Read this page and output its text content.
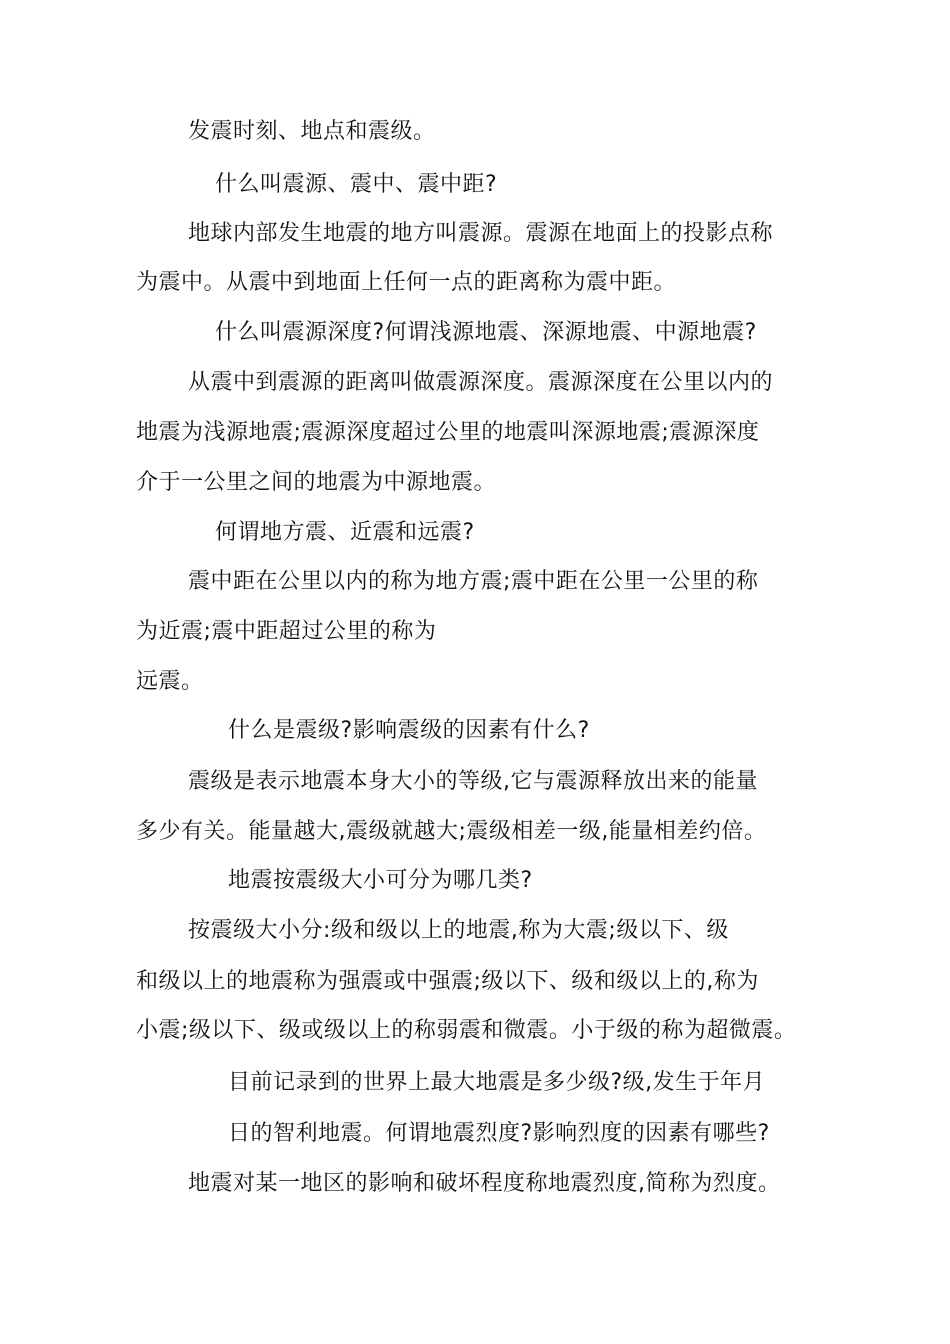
发震时刻、地点和震级。
什么叫震源、震中、震中距?
地球内部发生地震的地方叫震源。震源在地面上的投影点称
为震中。从震中到地面上任何一点的距离称为震中距。
什么叫震源深度?何谓浅源地震、深源地震、中源地震?
从震中到震源的距离叫做震源深度。震源深度在公里以内的
地震为浅源地震;震源深度超过公里的地震叫深源地震;震源深度
介于一公里之间的地震为中源地震。
何谓地方震、近震和远震?
震中距在公里以内的称为地方震;震中距在公里一公里的称
为近震;震中距超过公里的称为
远震。
什么是震级?影响震级的因素有什么?
震级是表示地震本身大小的等级,它与震源释放出来的能量
多少有关。能量越大,震级就越大;震级相差一级,能量相差约倍。
地震按震级大小可分为哪几类?
按震级大小分:级和级以上的地震,称为大震;级以下、级
和级以上的地震称为强震或中强震;级以下、级和级以上的,称为
小震;级以下、级或级以上的称弱震和微震。小于级的称为超微震。
目前记录到的世界上最大地震是多少级?级,发生于年月
日的智利地震。何谓地震烈度?影响烈度的因素有哪些?
地震对某一地区的影响和破坏程度称地震烈度,简称为烈度。
